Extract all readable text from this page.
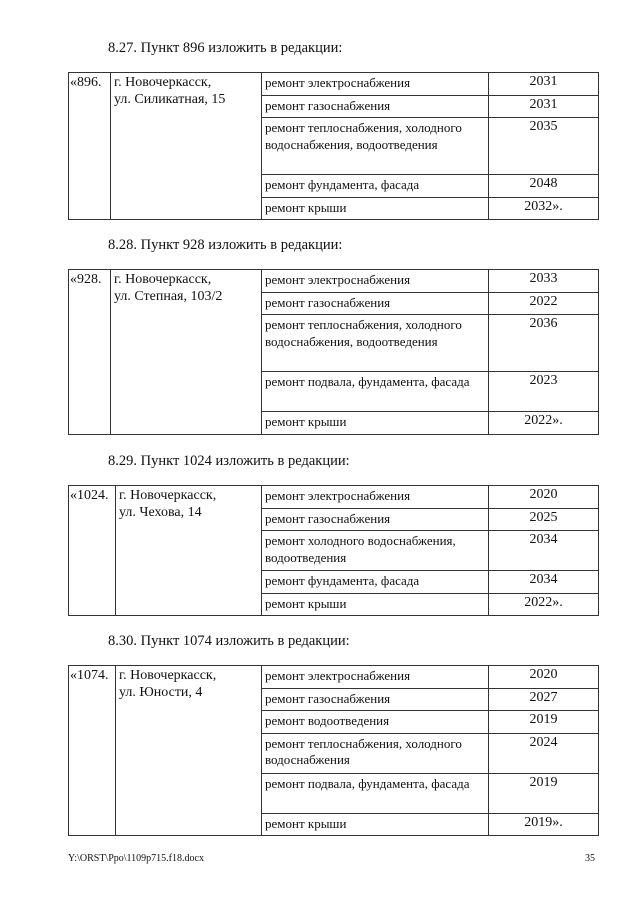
8.27. Пункт 896 изложить в редакции:
«896.	г. Новочеркасск,
ул. Силикатная, 15	ремонт электроснабжения	2031
		ремонт газоснабжения	2031
		ремонт теплоснабжения, холодного водоснабжения, водоотведения	2035
		ремонт фундамента, фасада	2048
		ремонт крыши	2032».
8.28. Пункт 928 изложить в редакции:
«928.	г. Новочеркасск,
ул. Степная, 103/2	ремонт электроснабжения	2033
		ремонт газоснабжения	2022
		ремонт теплоснабжения, холодного водоснабжения, водоотведения	2036
		ремонт подвала, фундамента, фасада	2023
		ремонт крыши	2022».
8.29. Пункт 1024 изложить в редакции:
«1024.	г. Новочеркасск,
ул. Чехова, 14	ремонт электроснабжения	2020
		ремонт газоснабжения	2025
		ремонт холодного водоснабжения, водоотведения	2034
		ремонт фундамента, фасада	2034
		ремонт крыши	2022».
8.30. Пункт 1074 изложить в редакции:
«1074.	г. Новочеркасск,
ул. Юности, 4	ремонт электроснабжения	2020
		ремонт газоснабжения	2027
		ремонт водоотведения	2019
		ремонт теплоснабжения, холодного водоснабжения	2024
		ремонт подвала, фундамента, фасада	2019
		ремонт крыши	2019».
Y:\ORST\Ppo\1109p715.f18.docx	35
